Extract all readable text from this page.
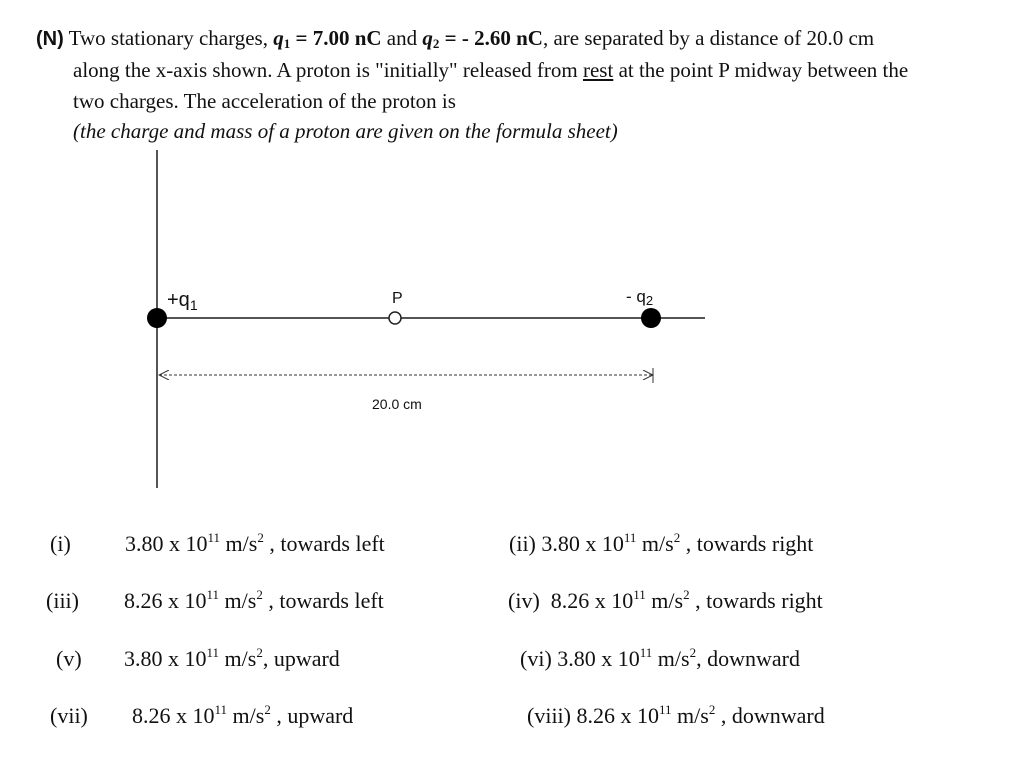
(N) Two stationary charges, q1 = 7.00 nC and q2 = - 2.60 nC, are separated by a distance of 20.0 cm
along the x-axis shown. A proton is "initially" released from rest at the point P midway between the
two charges. The acceleration of the proton is
(the charge and mass of a proton are given on the formula sheet)
$+q_1$	P	- q2
20.0 cm
(i) 3.80 x $10^{11}$ $m/s^2$ , towards left	(ii) 3.80 x $10^{11}$ $m/s^2$ , towards right
(iii) 8.26 x $10^{11}$ $m/s^2$ , towards left	(iv) 8.26 x $10^{11}$ $m/s^2$ , towards right
(v) 3.80 x $10^{11}$ $m/s^2$, upward	(vi) 3.80 x $10^{11}$ $m/s^2$, downward
(vii) 8.26 x $10^{11}$ $m/s^2$ , upward	(viii) 8.26 x $10^{11}$ $m/s^2$ , downward
